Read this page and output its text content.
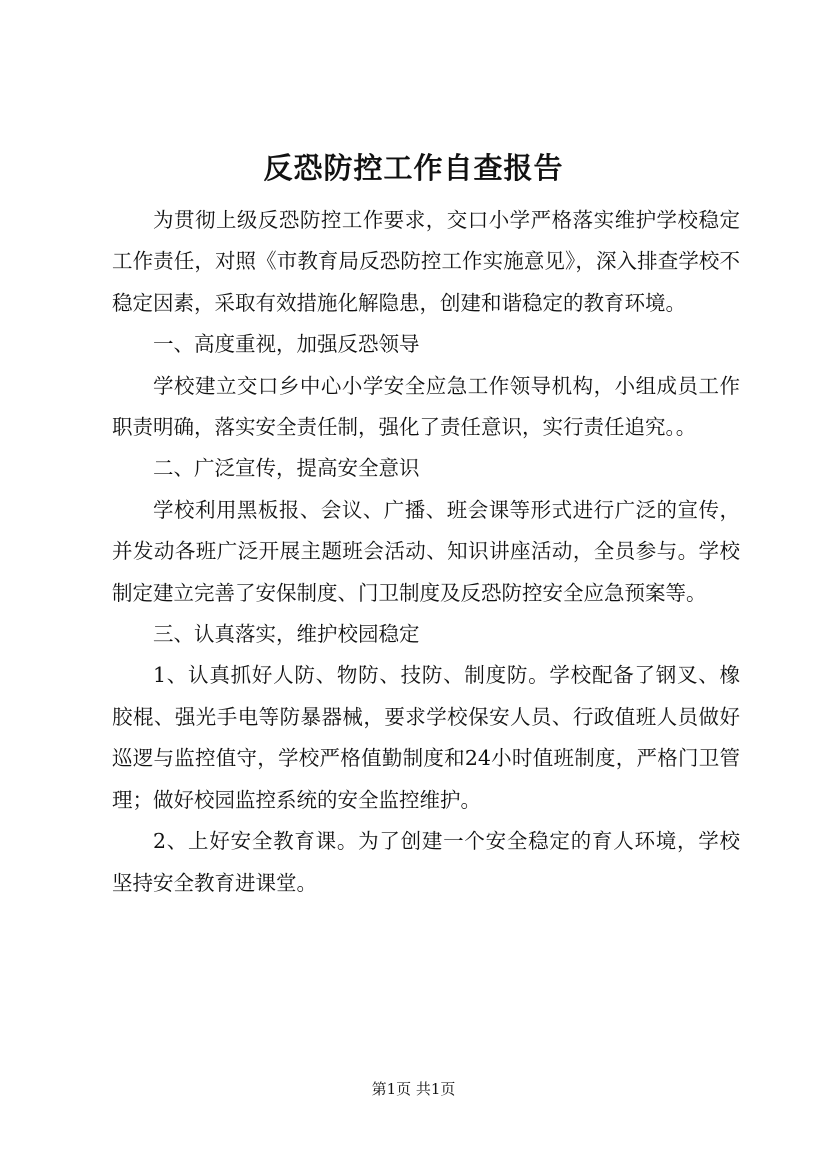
反恐防控工作自查报告

为贯彻上级反恐防控工作要求，交口小学严格落实维护学校稳定工作责任，对照《市教育局反恐防控工作实施意见》，深入排查学校不稳定因素，采取有效措施化解隐患，创建和谐稳定的教育环境。

一、高度重视，加强反恐领导

学校建立交口乡中心小学安全应急工作领导机构，小组成员工作职责明确，落实安全责任制，强化了责任意识，实行责任追究。。

二、广泛宣传，提高安全意识

学校利用黑板报、会议、广播、班会课等形式进行广泛的宣传，并发动各班广泛开展主题班会活动、知识讲座活动，全员参与。学校制定建立完善了安保制度、门卫制度及反恐防控安全应急预案等。

三、认真落实，维护校园稳定

1、认真抓好人防、物防、技防、制度防。学校配备了钢叉、橡胶棍、强光手电等防暴器械，要求学校保安人员、行政值班人员做好巡逻与监控值守，学校严格值勤制度和24小时值班制度，严格门卫管理；做好校园监控系统的安全监控维护。

2、上好安全教育课。为了创建一个安全稳定的育人环境，学校坚持安全教育进课堂。

第1页 共1页
